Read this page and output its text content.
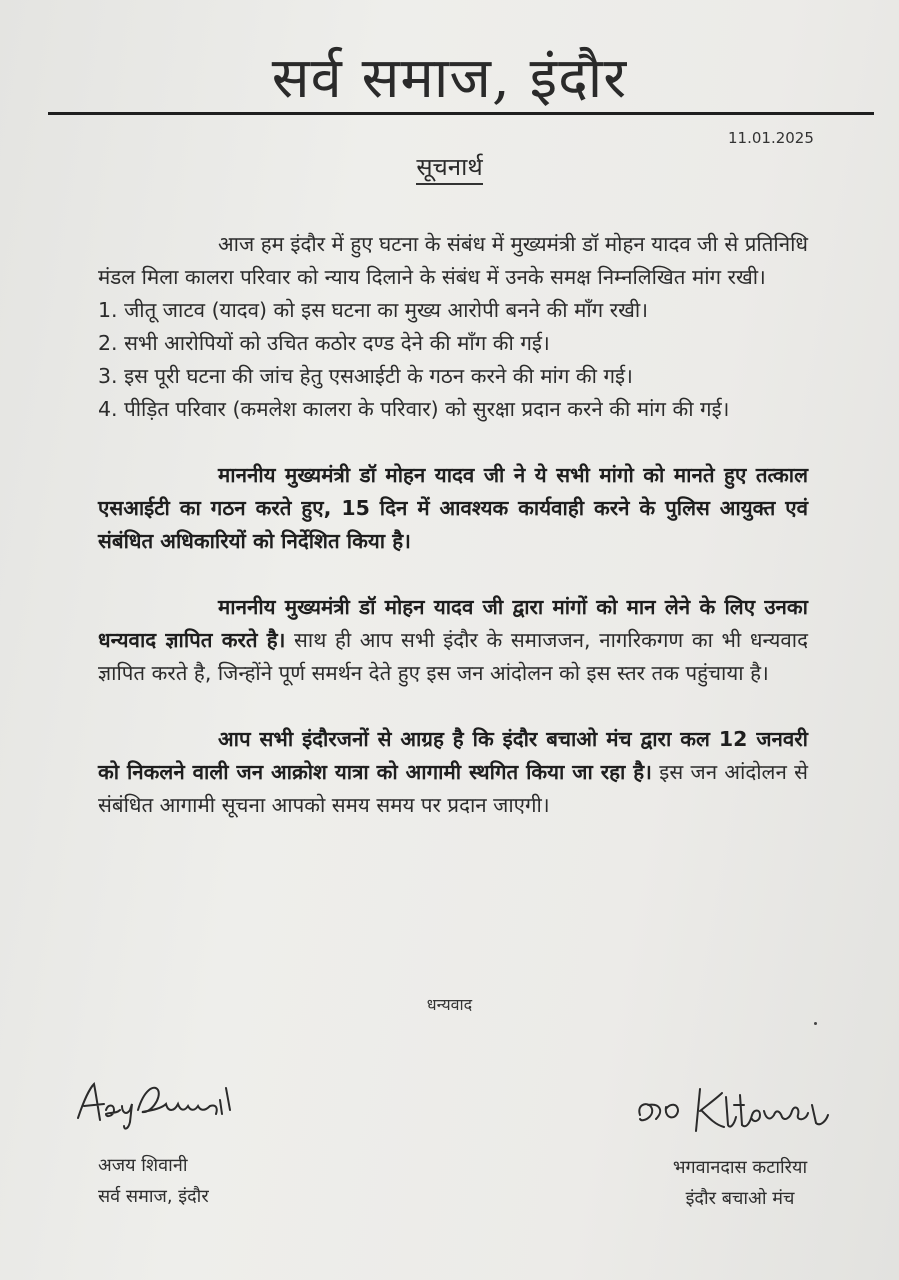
सर्व समाज, इंदौर
11.01.2025
सूचनार्थ

आज हम इंदौर में हुए घटना के संबंध में मुख्यमंत्री डॉ मोहन यादव जी से प्रतिनिधि मंडल मिला कालरा परिवार को न्याय दिलाने के संबंध में उनके समक्ष निम्नलिखित मांग रखी।

1. जीतू जाटव (यादव) को इस घटना का मुख्य आरोपी बनने की माँग रखी।
2. सभी आरोपियों को उचित कठोर दण्ड देने की माँग की गई।
3. इस पूरी घटना की जांच हेतु एसआईटी के गठन करने की मांग की गई।
4. पीड़ित परिवार (कमलेश कालरा के परिवार) को सुरक्षा प्रदान करने की मांग की गई।

माननीय मुख्यमंत्री डॉ मोहन यादव जी ने ये सभी मांगो को मानते हुए तत्काल एसआईटी का गठन करते हुए, 15 दिन में आवश्यक कार्यवाही करने के पुलिस आयुक्त एवं संबंधित अधिकारियों को निर्देशित किया है।

माननीय मुख्यमंत्री डॉ मोहन यादव जी द्वारा मांगों को मान लेने के लिए उनका धन्यवाद ज्ञापित करते है। साथ ही आप सभी इंदौर के समाजजन, नागरिकगण का भी धन्यवाद ज्ञापित करते है, जिन्होंने पूर्ण समर्थन देते हुए इस जन आंदोलन को इस स्तर तक पहुंचाया है।

आप सभी इंदौरजनों से आग्रह है कि इंदौर बचाओ मंच द्वारा कल 12 जनवरी को निकलने वाली जन आक्रोश यात्रा को आगामी स्थगित किया जा रहा है। इस जन आंदोलन से संबंधित आगामी सूचना आपको समय समय पर प्रदान जाएगी।

धन्यवाद
अजय शिवानी
सर्व समाज, इंदौर
भगवानदास कटारिया
इंदौर बचाओ मंच
